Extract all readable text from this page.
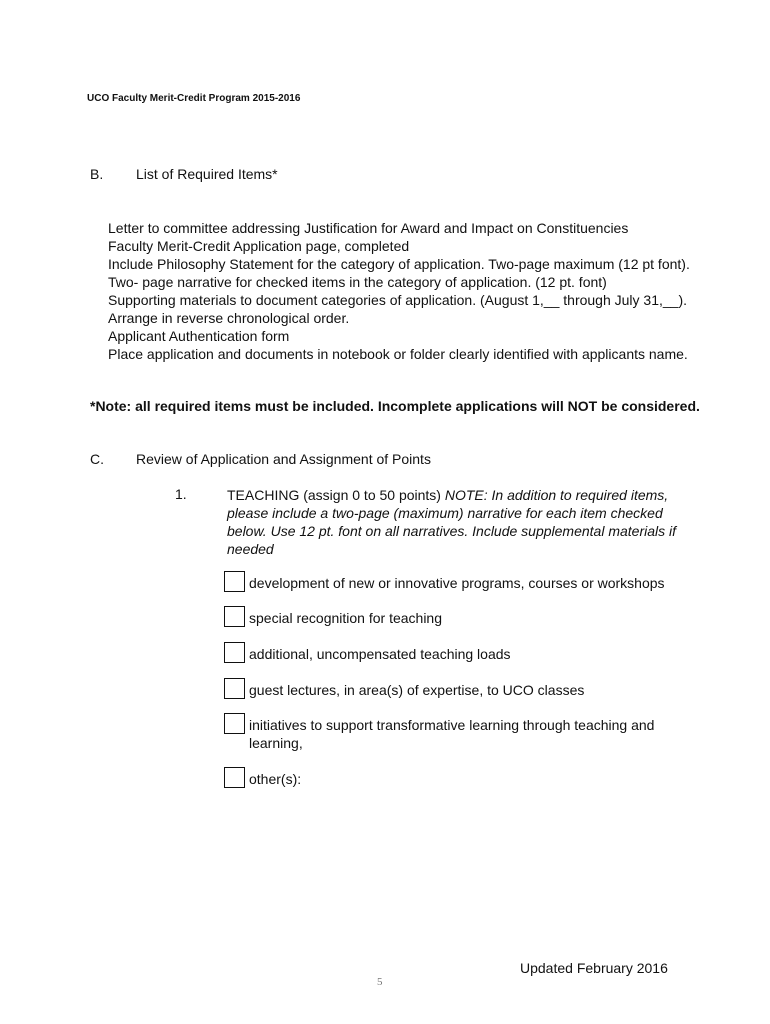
UCO Faculty Merit-Credit Program 2015-2016
B. List of Required Items*
Letter to committee addressing Justification for Award and Impact on Constituencies
Faculty Merit-Credit Application page, completed
Include Philosophy Statement for the category of application. Two-page maximum (12 pt font).
Two- page narrative for checked items in the category of application. (12 pt. font)
Supporting materials to document categories of application. (August 1,__ through July 31,__). Arrange in reverse chronological order.
Applicant Authentication form
Place application and documents in notebook or folder clearly identified with applicants name.
*Note: all required items must be included. Incomplete applications will NOT be considered.
C. Review of Application and Assignment of Points
1.	TEACHING (assign 0 to 50 points) NOTE: In addition to required items, please include a two-page (maximum) narrative for each item checked below. Use 12 pt. font on all narratives. Include supplemental materials if needed
development of new or innovative programs, courses or workshops
special recognition for teaching
additional, uncompensated teaching loads
guest lectures, in area(s) of expertise, to UCO classes
initiatives to support transformative learning through teaching and learning,
other(s):
Updated February 2016
5
